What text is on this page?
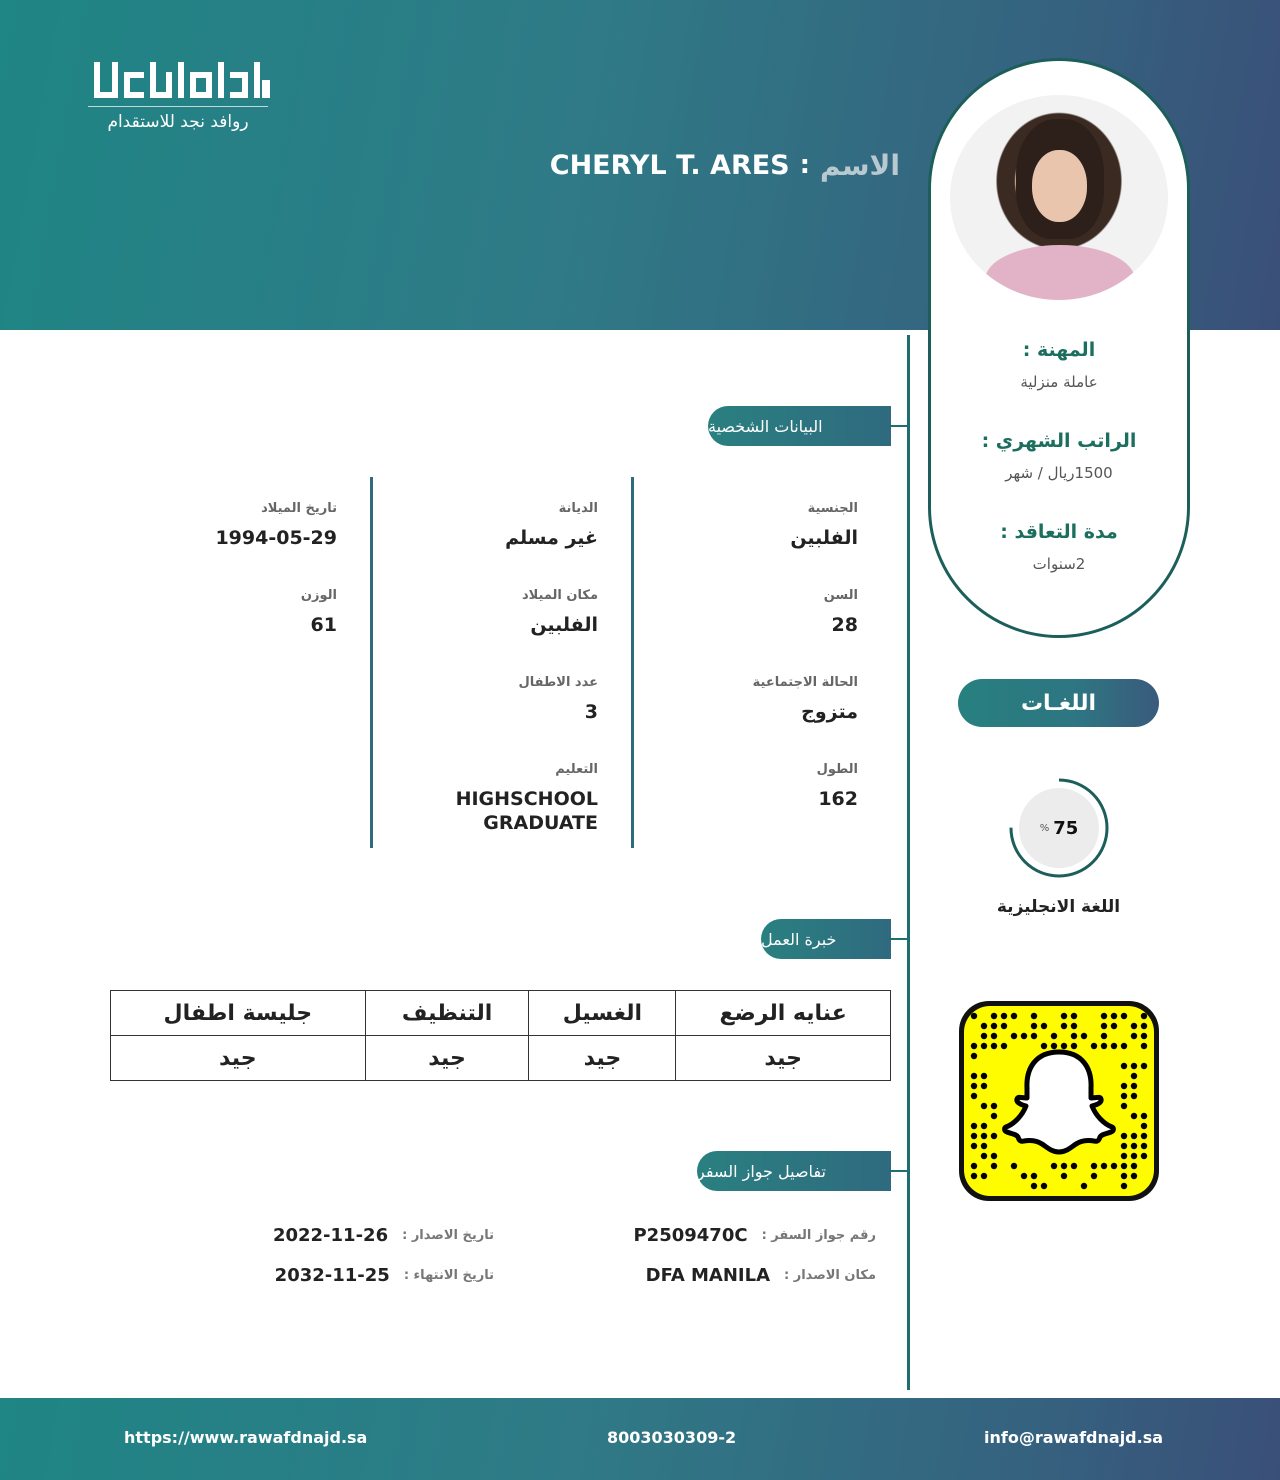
روافد نجد للاستقدام
الاسم
:
CHERYL T. ARES
المهنة :
عاملة منزلية
الراتب الشهري :
1500ريال / شهر
مدة التعاقد :
2سنوات
البيانات الشخصية
الجنسية
الفلبين
السن
28
الحالة الاجتماعية
متزوج
الطول
162
الديانة
غير مسلم
مكان الميلاد
الفلبين
عدد الاطفال
3
التعليم
HIGHSCHOOL GRADUATE
تاريخ الميلاد
1994-05-29
الوزن
61
خبرة العمل
عنايه الرضع	الغسيل	التنظيف	جليسة اطفال
جيد	جيد	جيد	جيد
تفاصيل جواز السفر
رقم جواز السفر :
P2509470C
مكان الاصدار :
DFA MANILA
تاريخ الاصدار :
2022-11-26
تاريخ الانتهاء :
2032-11-25
اللغـات
% 75
اللغة الانجليزية
https://www.rawafdnajd.sa	8003030309-2	info@rawafdnajd.sa
